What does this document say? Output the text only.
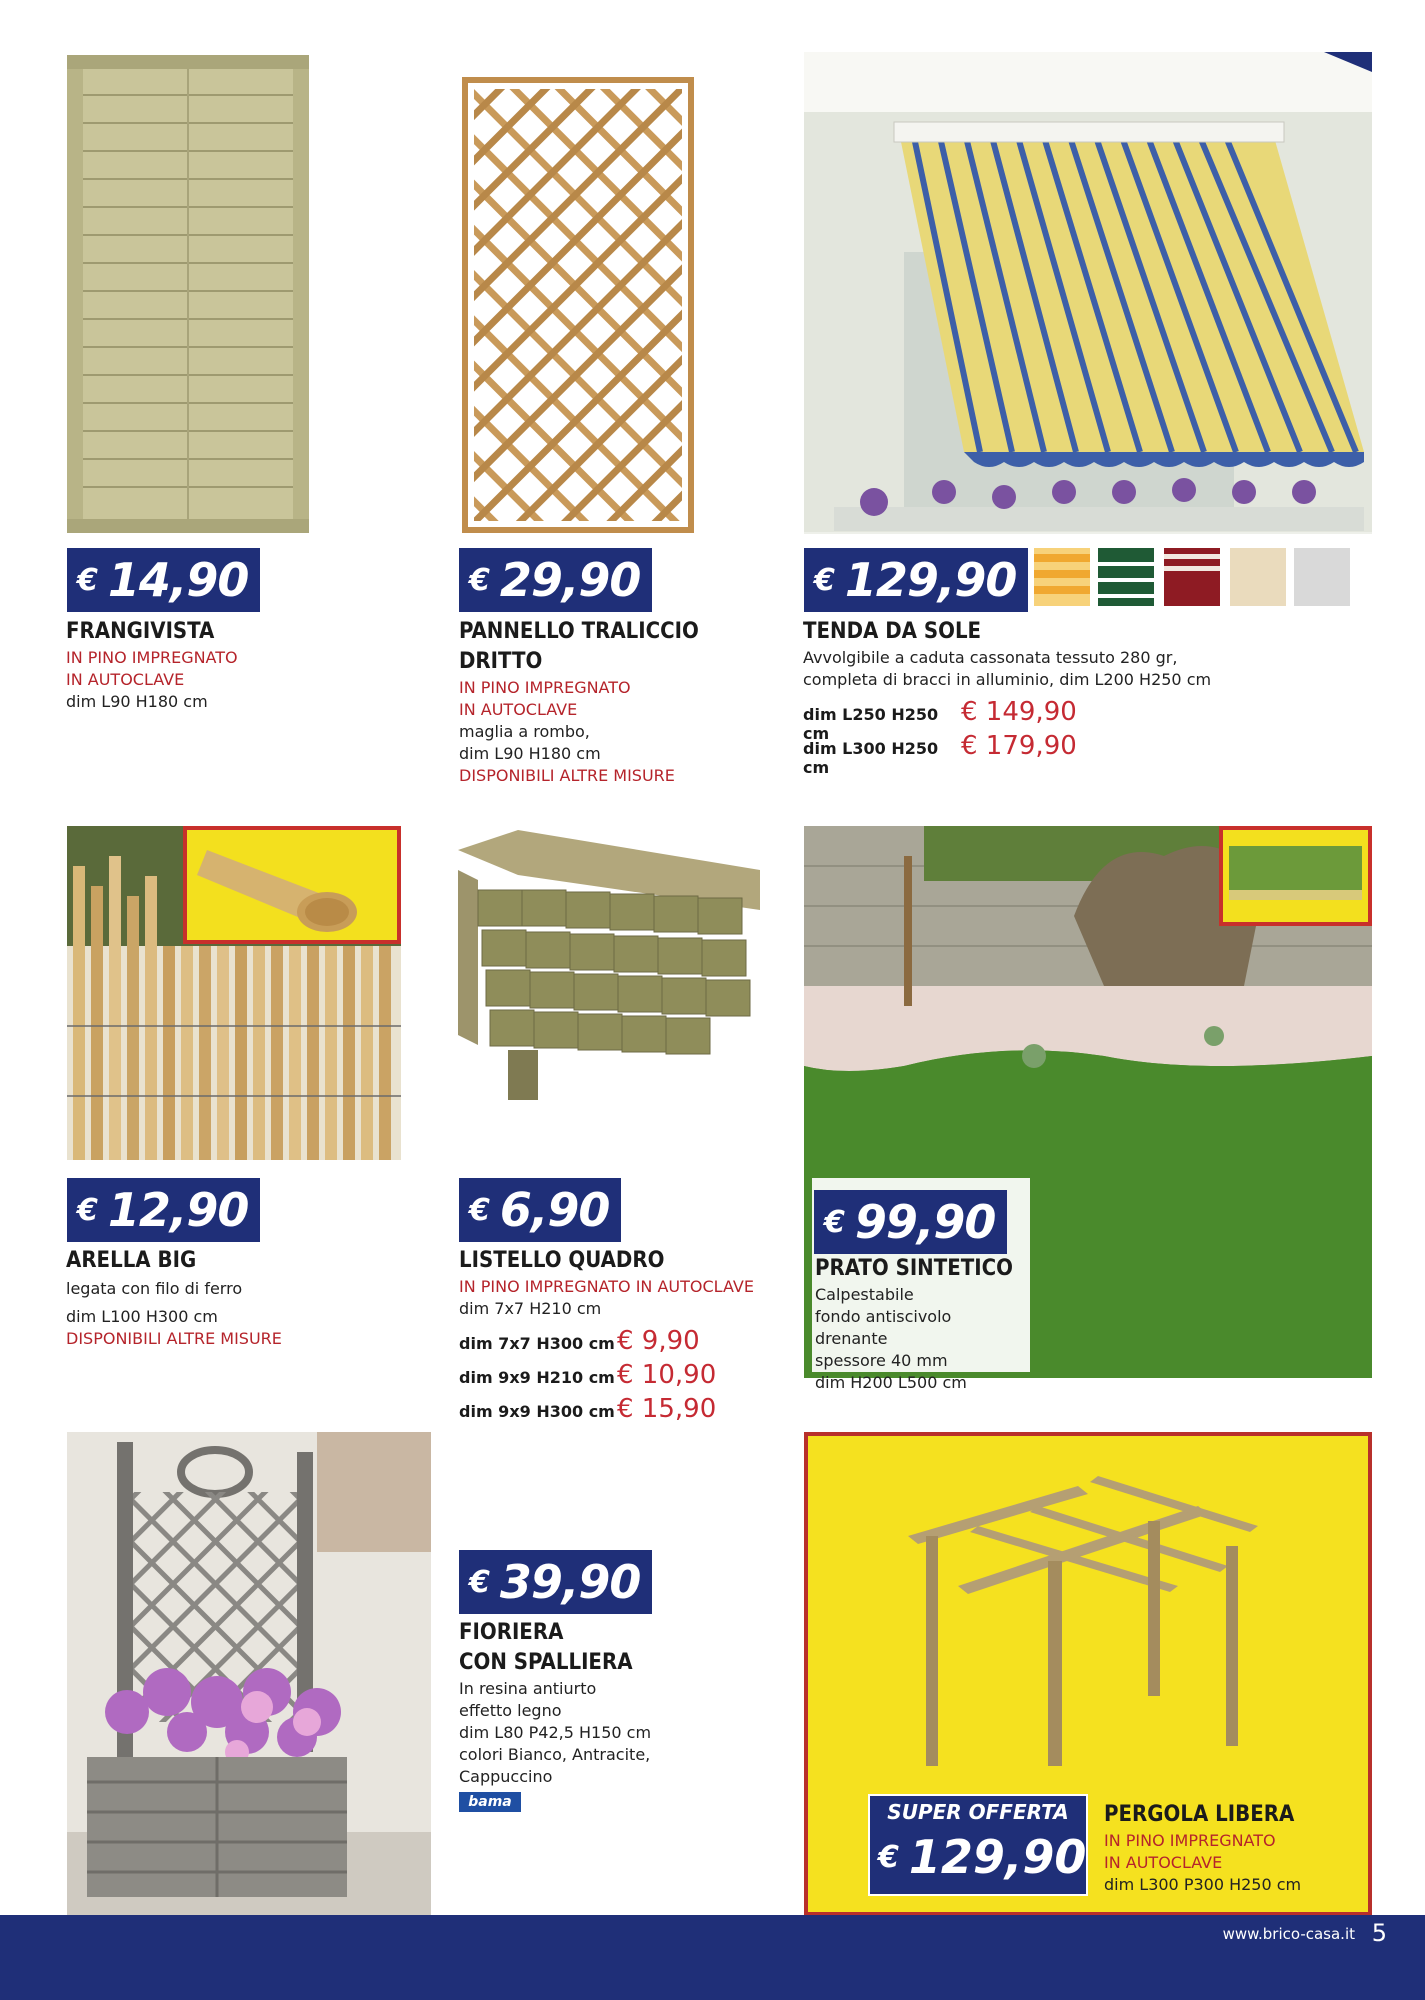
€ 14,90
FRANGIVISTA
IN PINO IMPREGNATO
IN AUTOCLAVE
dim L90 H180 cm
€ 29,90
PANNELLO TRALICCIO
DRITTO
IN PINO IMPREGNATO
IN AUTOCLAVE
maglia a rombo,
dim L90 H180 cm
DISPONIBILI ALTRE MISURE
€ 129,90
TENDA DA SOLE
Avvolgibile a caduta cassonata tessuto 280 gr,
completa di bracci in alluminio, dim L200 H250 cm
dim L250 H250 cm
€ 149,90
dim L300 H250 cm
€ 179,90
€ 12,90
ARELLA BIG
legata con filo di ferro
dim L100 H300 cm
DISPONIBILI ALTRE MISURE
€ 6,90
LISTELLO QUADRO
IN PINO IMPREGNATO IN AUTOCLAVE
dim 7x7 H210 cm
dim 7x7 H300 cm € 9,90
dim 9x9 H210 cm € 10,90
dim 9x9 H300 cm € 15,90
€ 99,90
PRATO SINTETICO
Calpestabile
fondo antiscivolo drenante
spessore 40 mm
dim H200 L500 cm
€ 39,90
FIORIERA
CON SPALLIERA
In resina antiurto
effetto legno
dim L80 P42,5 H150 cm
colori Bianco, Antracite,
Cappuccino
bama	SUPER OFFERTA
€ 129,90
PERGOLA LIBERA
IN PINO IMPREGNATO
IN AUTOCLAVE
dim L300 P300 H250 cm
www.brico-casa.it 5
